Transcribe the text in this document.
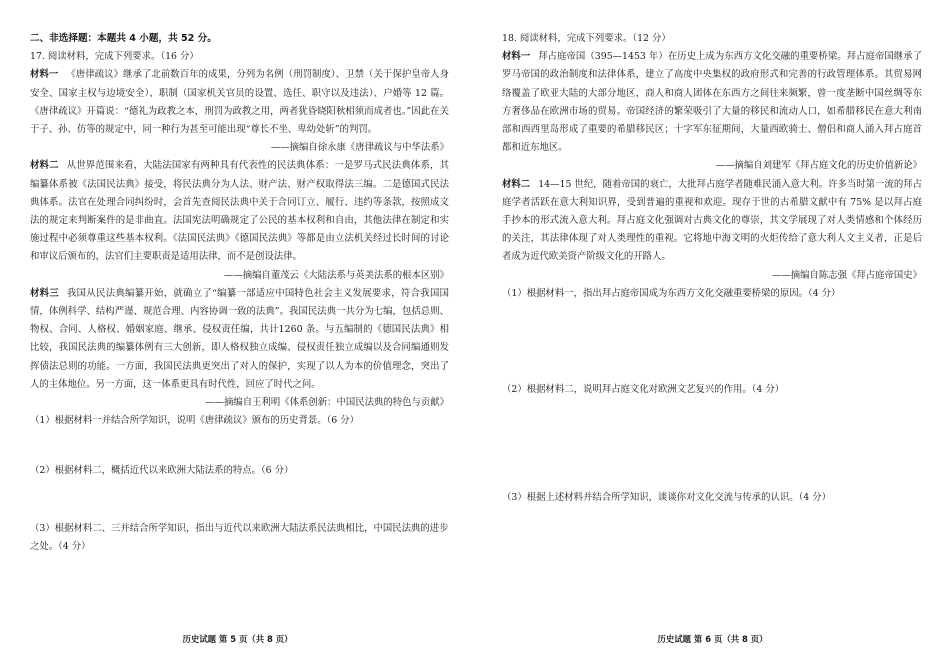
二、非选择题：本题共 4 小题，共 52 分。

17. 阅读材料，完成下列要求。（16 分）

材料一 《唐律疏议》继承了北前数百年的成果，分列为名例（刑罚制度）、卫禁（关于保护皇帝人身安全、国家主权与边境安全）、职制（国家机关官员的设置、选任、职守以及违法）、户婚等 12 篇。《唐律疏议》开篇说：“德礼为政教之本，刑罚为政教之用，两者犹昏晓阳秋相须而成者也。”因此在关于子、孙、仿等的规定中，同一种行为甚至可能出现“尊长不坐、卑幼处斩”的判罚。

——摘编自徐永康《唐律疏议与中华法系》

材料二 从世界范围来看，大陆法国家有两种具有代表性的民法典体系：一是罗马式民法典体系，其编纂体系被《法国民法典》接受，将民法典分为人法、财产法、财产权取得法三编。二是德国式民法典体系。法官在处理合同纠纷时，会首先查阅民法典中关于合同订立、履行、违约等条款，按照成文法的规定来判断案件的是非曲直。法国宪法明确规定了公民的基本权利和自由，其他法律在制定和实施过程中必须尊重这些基本权利。《法国民法典》《德国民法典》等都是由立法机关经过长时间的讨论和审议后颁布的，法官们主要职责是适用法律，而不是创设法律。

——摘编自董茂云《大陆法系与英美法系的根本区别》

材料三 我国从民法典编纂开始，就确立了“编纂一部适应中国特色社会主义发展要求，符合我国国情，体例科学、结构严谨、规范合理、内容协调一致的法典”。我国民法典一共分为七编，包括总则、物权、合同、人格权、婚姻家庭、继承、侵权责任编，共计1260 条。与五编制的《德国民法典》相比较，我国民法典的编纂体例有三大创新，即人格权独立成编、侵权责任独立成编以及合同编通则发挥债法总则的功能。一方面，我国民法典更突出了对人的保护，实现了以人为本的价值理念，突出了人的主体地位。另一方面，这一体系更具有时代性，回应了时代之问。

——摘编自王利明《体系创新：中国民法典的特色与贡献》

（1）根据材料一并结合所学知识，说明《唐律疏议》颁布的历史背景。（6 分）

（2）根据材料二，概括近代以来欧洲大陆法系的特点。（6 分）

（3）根据材料二、三并结合所学知识，指出与近代以来欧洲大陆法系民法典相比，中国民法典的进步之处。（4 分）

历史试题 第 5 页（共 8 页）

18. 阅读材料，完成下列要求。（12 分）

材料一 拜占庭帝国（395—1453 年）在历史上成为东西方文化交融的重要桥梁。拜占庭帝国继承了罗马帝国的政治制度和法律体系，建立了高度中央集权的政府形式和完善的行政管理体系。其贸易网络覆盖了欧亚大陆的大部分地区，商人和商人团体在东西方之间往来频繁，曾一度垄断中国丝绸等东方奢侈品在欧洲市场的贸易。帝国经济的繁荣吸引了大量的移民和流动人口，如希腊移民在意大利南部和西西里岛形成了重要的希腊移民区；十字军东征期间，大量西欧骑士、僧侣和商人涌入拜占庭首都和近东地区。

——摘编自刘建军《拜占庭文化的历史价值新论》

材料二 14—15 世纪，随着帝国的衰亡，大批拜占庭学者随难民涌入意大利。许多当时第一流的拜占庭学者活跃在意大利知识界，受到普遍的重视和欢迎。现存于世的古希腊文献中有 75% 是以拜占庭手抄本的形式流入意大利。拜占庭文化强调对古典文化的尊崇，其文学展现了对人类情感和个体经历的关注，其法律体现了对人类理性的重视。它将地中海文明的火炬传给了意大利人文主义者，正是后者成为近代欧美资产阶级文化的开路人。

——摘编自陈志强《拜占庭帝国史》

（1）根据材料一，指出拜占庭帝国成为东西方文化交融重要桥梁的原因。（4 分）

（2）根据材料二，说明拜占庭文化对欧洲文艺复兴的作用。（4 分）

（3）根据上述材料并结合所学知识，谈谈你对文化交流与传承的认识。（4 分）

历史试题 第 6 页（共 8 页）
